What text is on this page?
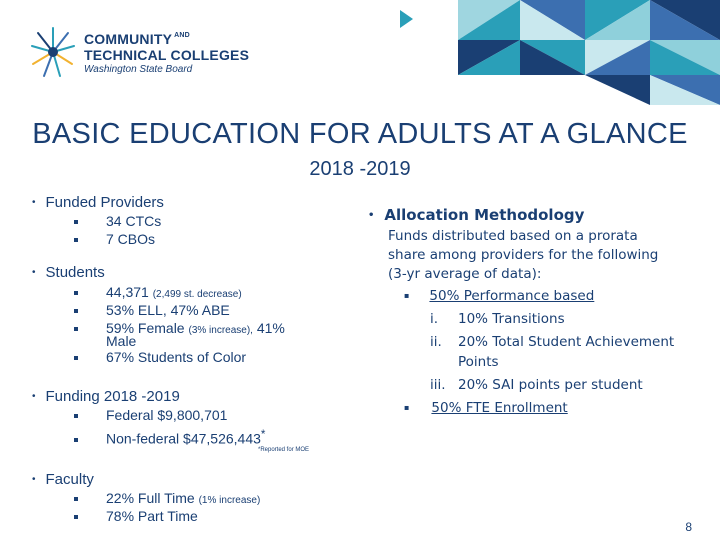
COMMUNITY $^{AND}$
TECHNICAL COLLEGES
Washington State Board
BASIC EDUCATION FOR ADULTS AT A GLANCE
2018 -2019
• Funded Providers
34 CTCs
7 CBOs
• Students
44,371 (2,499 st. decrease)
53% ELL, 47% ABE
59% Female (3% increase), 41%
Male
67% Students of Color
• Funding 2018 -2019
Federal $9,800,701
Non-federal $47,526,443*
*Reported for MOE
• Faculty
22% Full Time (1% increase)
78% Part Time
• Allocation Methodology
Funds distributed based on a prorata
share among providers for the following
(3-yr average of data):
▪ 50% Performance based
i. 10% Transitions
ii. 20% Total Student Achievement
Points
iii. 20% SAI points per student
▪ 50% FTE Enrollment
8
